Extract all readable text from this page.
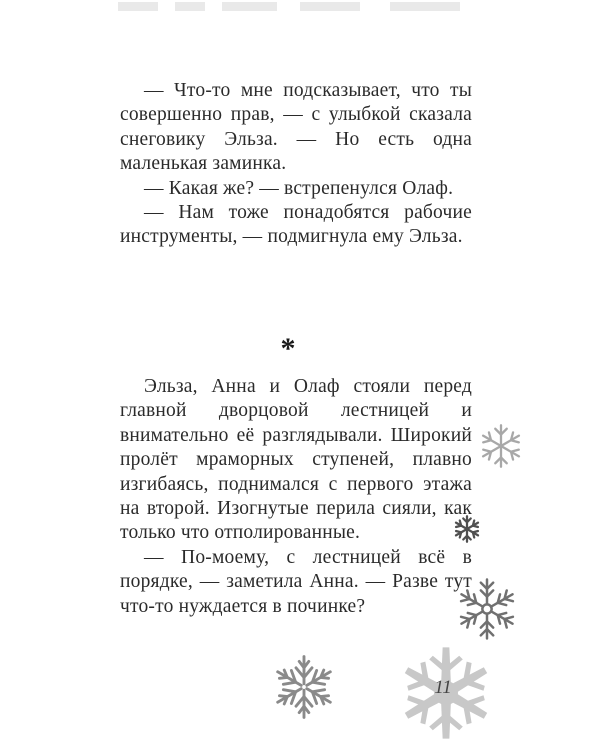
— Что-то мне подсказывает, что ты совершенно прав, — с улыбкой сказала снеговику Эльза. — Но есть одна маленькая заминка.

— Какая же? — встрепенулся Олаф.

— Нам тоже понадобятся рабочие инструменты, — подмигнула ему Эльза.

*

Эльза, Анна и Олаф стояли перед главной дворцовой лестницей и внимательно её разглядывали. Широкий пролёт мраморных ступеней, плавно изгибаясь, поднимался с первого этажа на второй. Изогнутые перила сияли, как только что отполированные.

— По-моему, с лестницей всё в порядке, — заметила Анна. — Разве тут что-то нуждается в починке?

11
